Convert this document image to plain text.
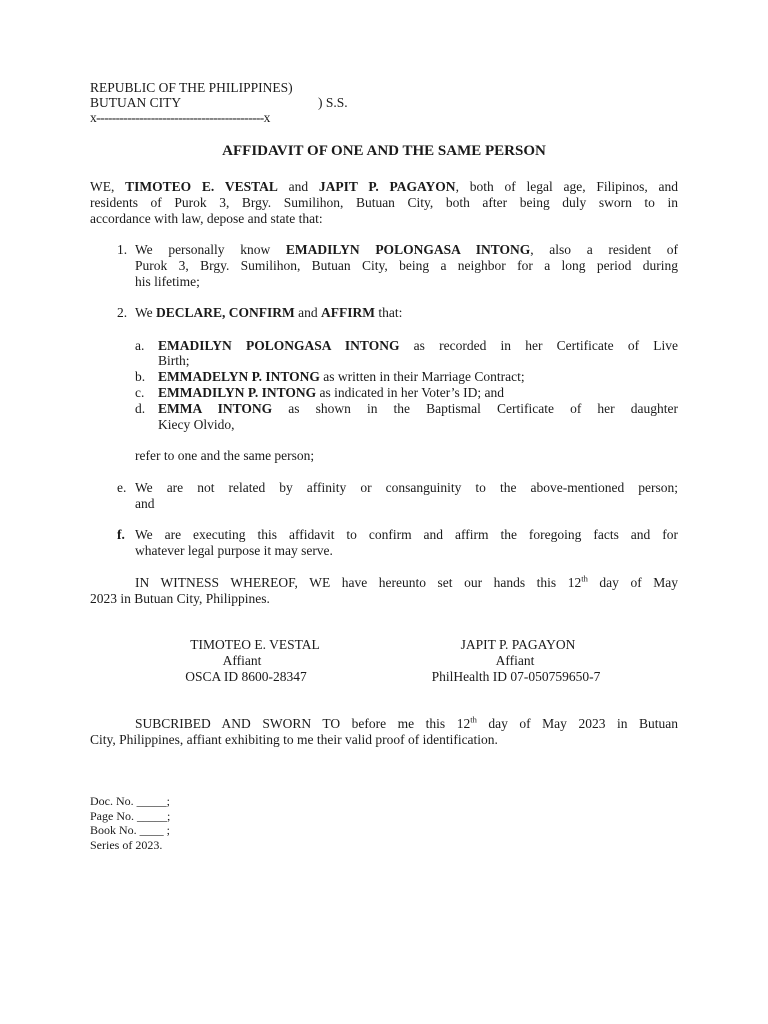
REPUBLIC OF THE PHILIPPINES)
BUTUAN CITY	) S.S.
x-------------------------------------------x
AFFIDAVIT OF ONE AND THE SAME PERSON
WE, TIMOTEO E. VESTAL and JAPIT P. PAGAYON, both of legal age, Filipinos, and
residents of Purok 3, Brgy. Sumilihon, Butuan City, both after being duly sworn to in
accordance with law, depose and state that:
1. We personally know EMADILYN POLONGASA INTONG, also a resident of
Purok 3, Brgy. Sumilihon, Butuan City, being a neighbor for a long period during
his lifetime;
2. We DECLARE, CONFIRM and AFFIRM that:
a. EMADILYN POLONGASA INTONG as recorded in her Certificate of Live
Birth;
b. EMMADELYN P. INTONG as written in their Marriage Contract;
c. EMMADILYN P. INTONG as indicated in her Voter’s ID; and
d. EMMA INTONG as shown in the Baptismal Certificate of her daughter
Kiecy Olvido,
refer to one and the same person;
e. We are not related by affinity or consanguinity to the above-mentioned person;
and
f. We are executing this affidavit to confirm and affirm the foregoing facts and for
whatever legal purpose it may serve.
IN WITNESS WHEREOF, WE have hereunto set our hands this 12th day of May
2023 in Butuan City, Philippines.
TIMOTEO E. VESTAL
Affiant
OSCA ID 8600-28347
JAPIT P. PAGAYON
Affiant
PhilHealth ID 07-050759650-7
SUBCRIBED AND SWORN TO before me this 12th day of May 2023 in Butuan
City, Philippines, affiant exhibiting to me their valid proof of identification.
Doc. No. _____;
Page No. _____;
Book No. ____ ;
Series of 2023.
